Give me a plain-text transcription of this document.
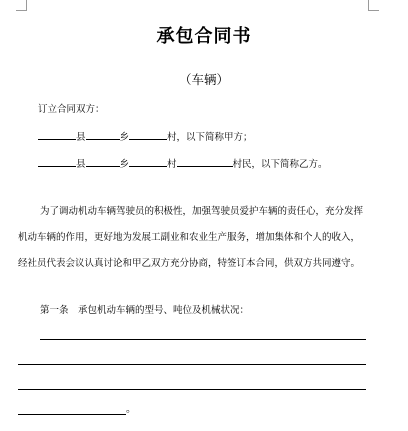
承包合同书
（车辆）
订立合同双方：
县	乡	村，以下简称甲方；
县	乡	村	村民，以下简称乙方。
为了调动机动车辆驾驶员的积极性，加强驾驶员爱护车辆的责任心，充分发挥
机动车辆的作用，更好地为发展工副业和农业生产服务，增加集体和个人的收入，
经社员代表会议认真讨论和甲乙双方充分协商，特签订本合同，供双方共同遵守。
第一条　承包机动车辆的型号、吨位及机械状况：
。
